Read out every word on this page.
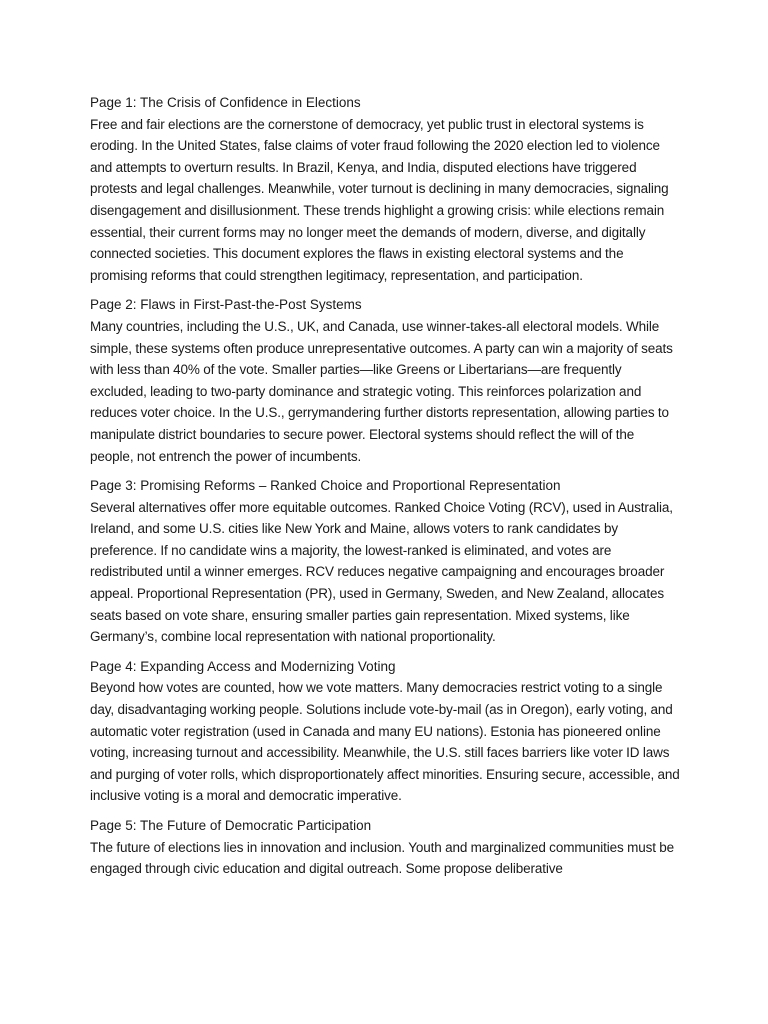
Page 1: The Crisis of Confidence in Elections

Free and fair elections are the cornerstone of democracy, yet public trust in electoral systems is eroding. In the United States, false claims of voter fraud following the 2020 election led to violence and attempts to overturn results. In Brazil, Kenya, and India, disputed elections have triggered protests and legal challenges. Meanwhile, voter turnout is declining in many democracies, signaling disengagement and disillusionment. These trends highlight a growing crisis: while elections remain essential, their current forms may no longer meet the demands of modern, diverse, and digitally connected societies. This document explores the flaws in existing electoral systems and the promising reforms that could strengthen legitimacy, representation, and participation.

Page 2: Flaws in First-Past-the-Post Systems

Many countries, including the U.S., UK, and Canada, use winner-takes-all electoral models. While simple, these systems often produce unrepresentative outcomes. A party can win a majority of seats with less than 40% of the vote. Smaller parties—like Greens or Libertarians—are frequently excluded, leading to two-party dominance and strategic voting. This reinforces polarization and reduces voter choice. In the U.S., gerrymandering further distorts representation, allowing parties to manipulate district boundaries to secure power. Electoral systems should reflect the will of the people, not entrench the power of incumbents.

Page 3: Promising Reforms – Ranked Choice and Proportional Representation

Several alternatives offer more equitable outcomes. Ranked Choice Voting (RCV), used in Australia, Ireland, and some U.S. cities like New York and Maine, allows voters to rank candidates by preference. If no candidate wins a majority, the lowest-ranked is eliminated, and votes are redistributed until a winner emerges. RCV reduces negative campaigning and encourages broader appeal. Proportional Representation (PR), used in Germany, Sweden, and New Zealand, allocates seats based on vote share, ensuring smaller parties gain representation. Mixed systems, like Germany’s, combine local representation with national proportionality.

Page 4: Expanding Access and Modernizing Voting

Beyond how votes are counted, how we vote matters. Many democracies restrict voting to a single day, disadvantaging working people. Solutions include vote-by-mail (as in Oregon), early voting, and automatic voter registration (used in Canada and many EU nations). Estonia has pioneered online voting, increasing turnout and accessibility. Meanwhile, the U.S. still faces barriers like voter ID laws and purging of voter rolls, which disproportionately affect minorities. Ensuring secure, accessible, and inclusive voting is a moral and democratic imperative.

Page 5: The Future of Democratic Participation

The future of elections lies in innovation and inclusion. Youth and marginalized communities must be engaged through civic education and digital outreach. Some propose deliberative
